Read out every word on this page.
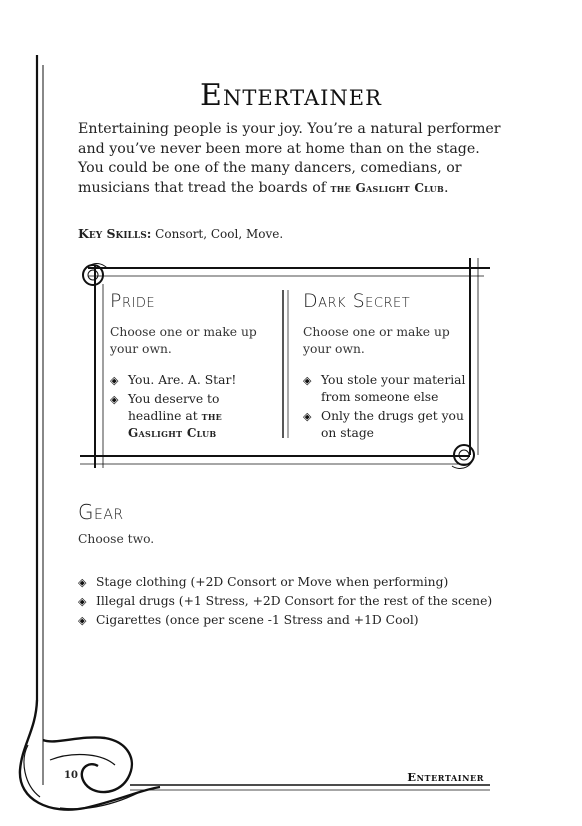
Entertainer

Entertaining people is your joy. You’re a natural performer and you’ve never been more at home than on the stage. You could be one of the many dancers, comedians, or musicians that tread the boards of the Gaslight Club.

Key Skills: Consort, Cool, Move.
Pride
Choose one or make up your own.
◈ You. Are. A. Star!
◈ You deserve to headline at the Gaslight Club
Dark Secret
Choose one or make up your own.
◈ You stole your material from someone else
◈ Only the drugs get you on stage
Gear
Choose two.
◈ Stage clothing (+2D Consort or Move when performing)
◈ Illegal drugs (+1 Stress, +2D Consort for the rest of the scene)
◈ Cigarettes (once per scene -1 Stress and +1D Cool)
10	Entertainer
